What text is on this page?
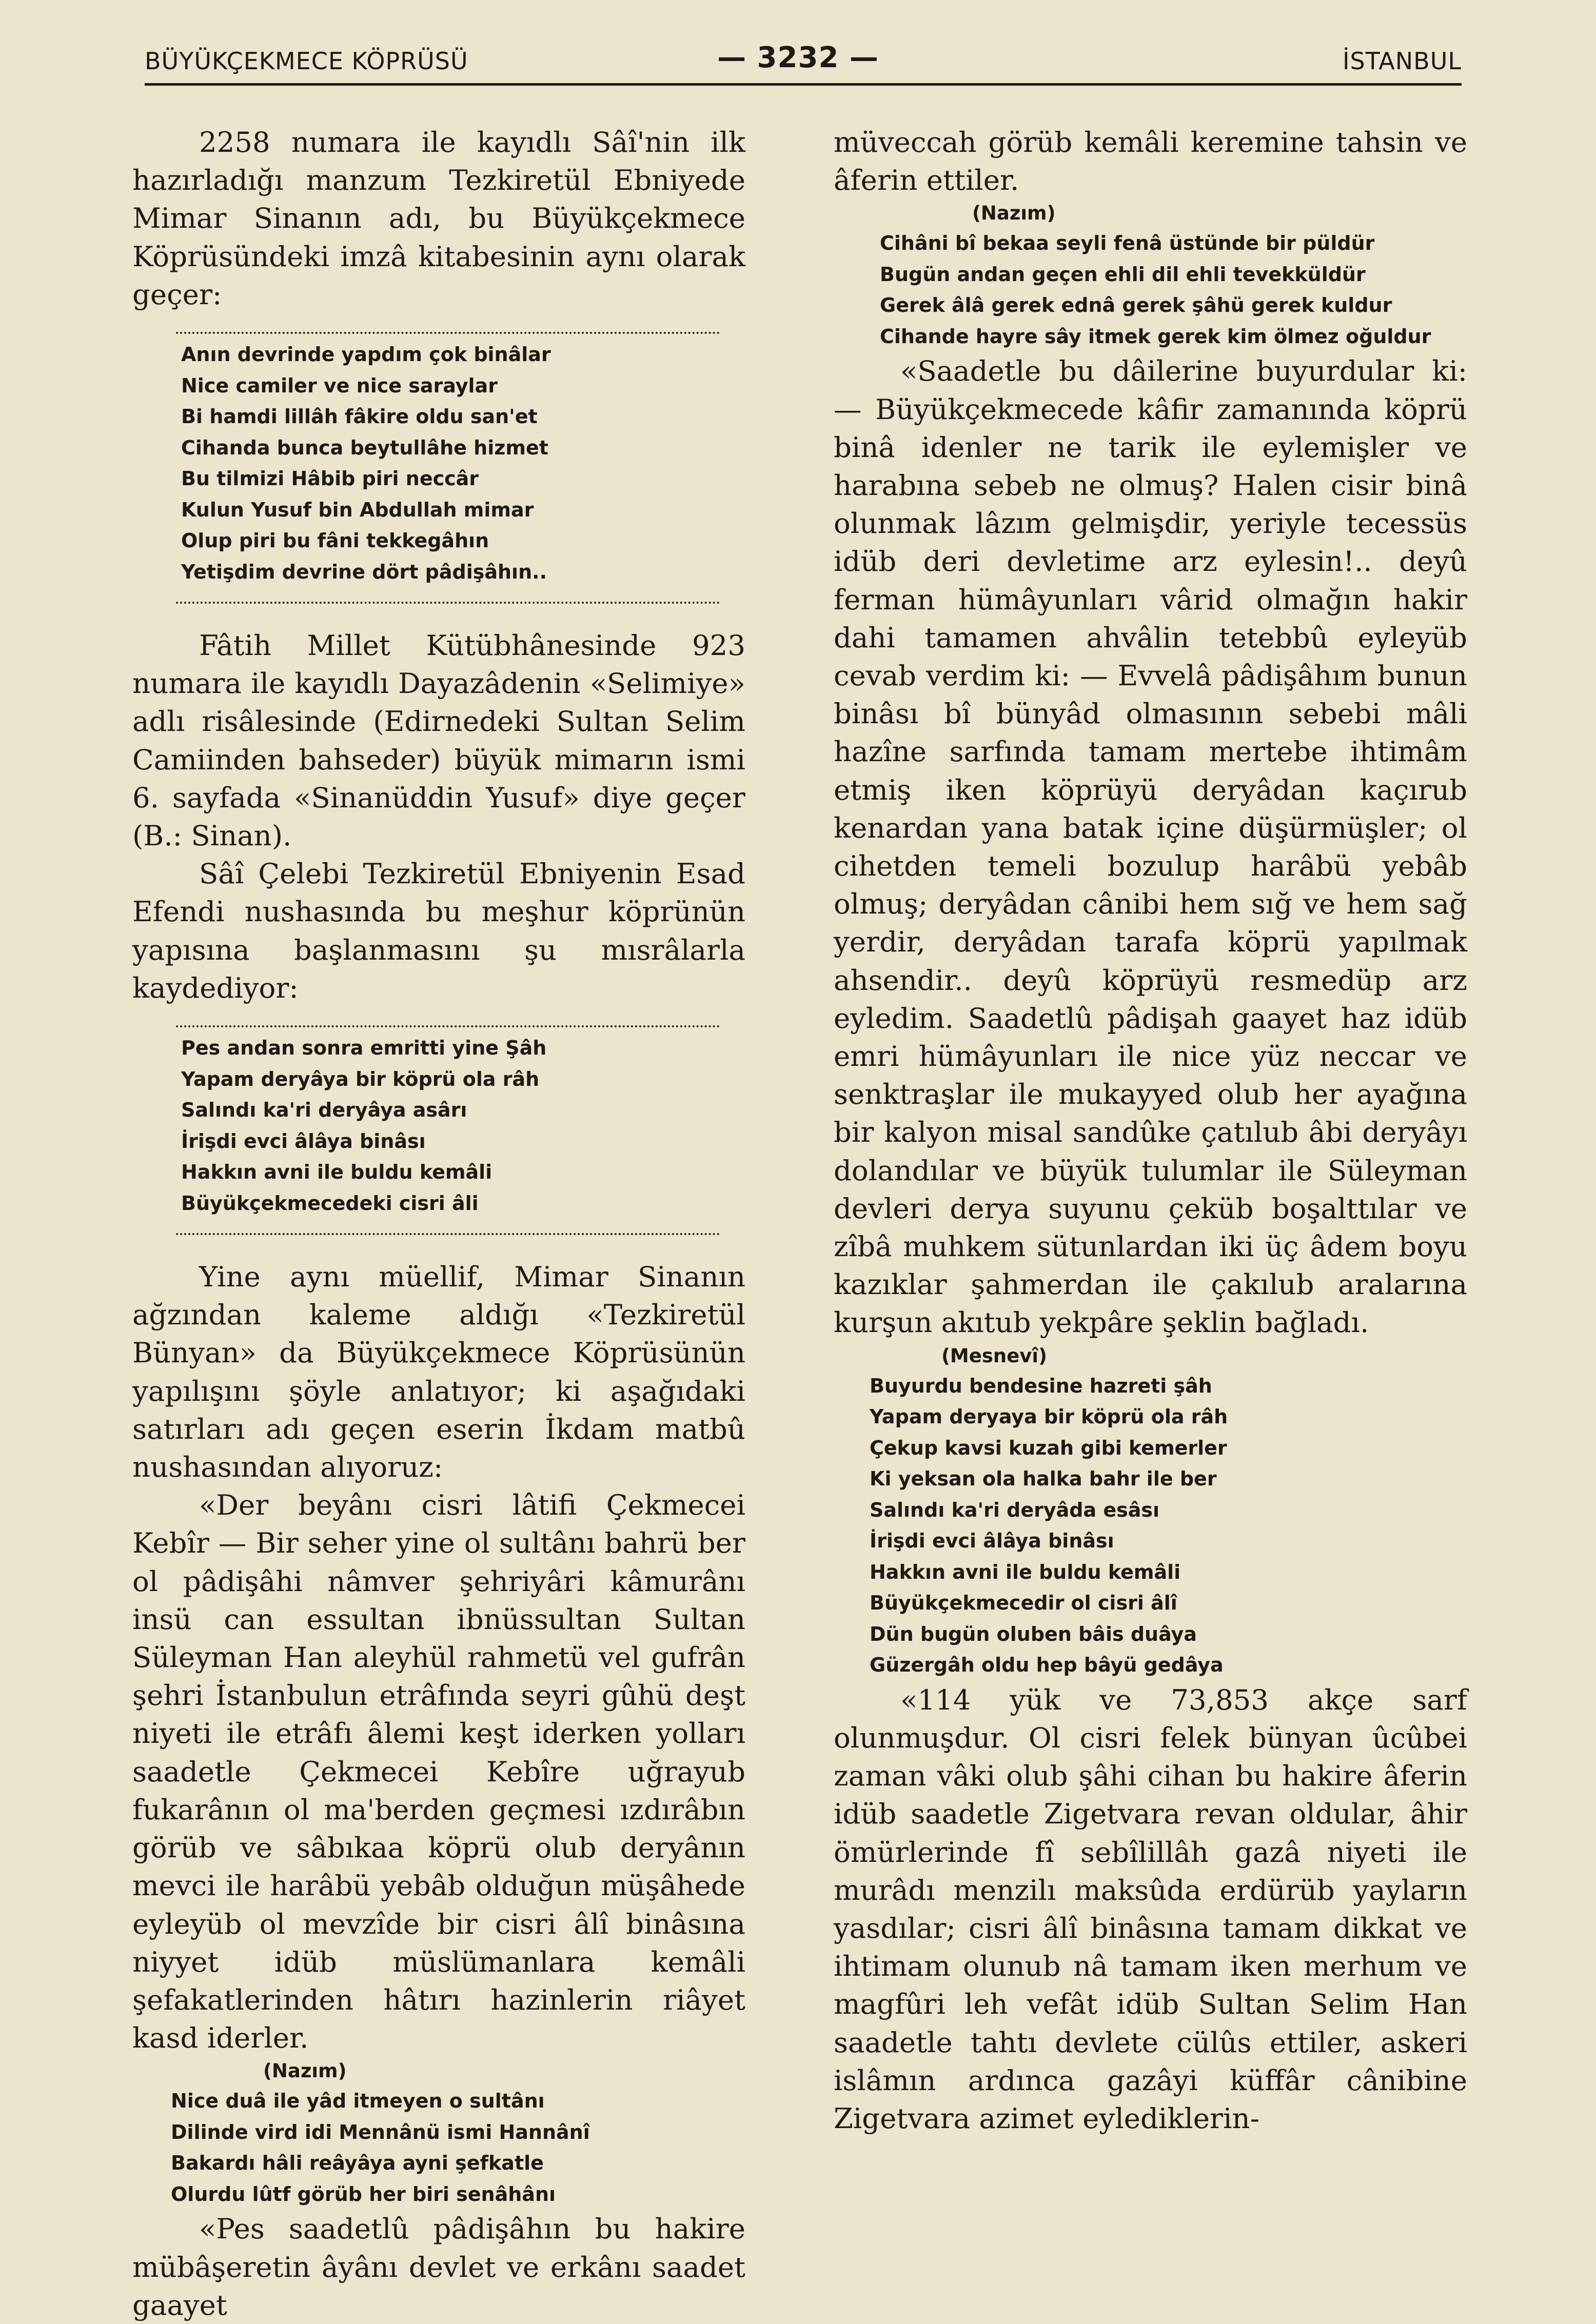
BÜYÜKÇEKMECE KÖPRÜSÜ	— 3232 —	İSTANBUL

2258 numara ile kayıdlı Sâî'nin ilk hazırladığı manzum Tezkiretül Ebniyede Mimar Sinanın adı, bu Büyükçekmece Köprüsündeki imzâ kitabesinin aynı olarak geçer:

Anın devrinde yapdım çok binâlar
Nice camiler ve nice saraylar
Bi hamdi lillâh fâkire oldu san'et
Cihanda bunca beytullâhe hizmet
Bu tilmizi Hâbib piri neccâr
Kulun Yusuf bin Abdullah mimar
Olup piri bu fâni tekkegâhın
Yetişdim devrine dört pâdişâhın..

Fâtih Millet Kütübhânesinde 923 numara ile kayıdlı Dayazâdenin «Selimiye» adlı risâlesinde (Edirnedeki Sultan Selim Camiinden bahseder) büyük mimarın ismi 6. sayfada «Sinanüddin Yusuf» diye geçer (B.: Sinan).

Sâî Çelebi Tezkiretül Ebniyenin Esad Efendi nushasında bu meşhur köprünün yapısına başlanmasını şu mısrâlarla kaydediyor:

Pes andan sonra emritti yine Şâh
Yapam deryâya bir köprü ola râh
Salındı ka'ri deryâya asârı
İrişdi evci âlâya binâsı
Hakkın avni ile buldu kemâli
Büyükçekmecedeki cisri âli

Yine aynı müellif, Mimar Sinanın ağzından kaleme aldığı «Tezkiretül Bünyan» da Büyükçekmece Köprüsünün yapılışını şöyle anlatıyor; ki aşağıdaki satırları adı geçen eserin İkdam matbû nushasından alıyoruz:

«Der beyânı cisri lâtifi Çekmecei Kebîr — Bir seher yine ol sultânı bahrü ber ol pâdişâhi nâmver şehriyâri kâmurânı insü can essultan ibnüssultan Sultan Süleyman Han aleyhül rahmetü vel gufrân şehri İstanbulun etrâfında seyri gûhü deşt niyeti ile etrâfı âlemi keşt iderken yolları saadetle Çekmecei Kebîre uğrayub fukarânın ol ma'berden geçmesi ızdırâbın görüb ve sâbıkaa köprü olub deryânın mevci ile harâbü yebâb olduğun müşâhede eyleyüb ol mevzîde bir cisri âlî binâsına niyyet idüb müslümanlara kemâli şefakatlerinden hâtırı hazinlerin riâyet kasd iderler.

(Nazım)
Nice duâ ile yâd itmeyen o sultânı
Dilinde vird idi Mennânü ismi Hannânî
Bakardı hâli reâyâya ayni şefkatle
Olurdu lûtf görüb her biri senâhânı

«Pes saadetlû pâdişâhın bu hakire mübâşeretin âyânı devlet ve erkânı saadet gaayet

müveccah görüb kemâli keremine tahsin ve âferin ettiler.

(Nazım)
Cihâni bî bekaa seyli fenâ üstünde bir püldür
Bugün andan geçen ehli dil ehli tevekküldür
Gerek âlâ gerek ednâ gerek şâhü gerek kuldur
Cihande hayre sây itmek gerek kim ölmez oğuldur

«Saadetle bu dâilerine buyurdular ki: — Büyükçekmecede kâfir zamanında köprü binâ idenler ne tarik ile eylemişler ve harabına sebeb ne olmuş? Halen cisir binâ olunmak lâzım gelmişdir, yeriyle tecessüs idüb deri devletime arz eylesin!.. deyû ferman hümâyunları vârid olmağın hakir dahi tamamen ahvâlin tetebbû eyleyüb cevab verdim ki: — Evvelâ pâdişâhım bunun binâsı bî bünyâd olmasının sebebi mâli hazîne sarfında tamam mertebe ihtimâm etmiş iken köprüyü deryâdan kaçırub kenardan yana batak içine düşürmüşler; ol cihetden temeli bozulup harâbü yebâb olmuş; deryâdan cânibi hem sığ ve hem sağ yerdir, deryâdan tarafa köprü yapılmak ahsendir.. deyû köprüyü resmedüp arz eyledim. Saadetlû pâdişah gaayet haz idüb emri hümâyunları ile nice yüz neccar ve senktraşlar ile mukayyed olub her ayağına bir kalyon misal sandûke çatılub âbi deryâyı dolandılar ve büyük tulumlar ile Süleyman devleri derya suyunu çeküb boşalttılar ve zîbâ muhkem sütunlardan iki üç âdem boyu kazıklar şahmerdan ile çakılub aralarına kurşun akıtub yekpâre şeklin bağladı.

(Mesnevî)
Buyurdu bendesine hazreti şâh
Yapam deryaya bir köprü ola râh
Çekup kavsi kuzah gibi kemerler
Ki yeksan ola halka bahr ile ber
Salındı ka'ri deryâda esâsı
İrişdi evci âlâya binâsı
Hakkın avni ile buldu kemâli
Büyükçekmecedir ol cisri âlî
Dün bugün oluben bâis duâya
Güzergâh oldu hep bâyü gedâya

«114 yük ve 73,853 akçe sarf olunmuşdur. Ol cisri felek bünyan ûcûbei zaman vâki olub şâhi cihan bu hakire âferin idüb saadetle Zigetvara revan oldular, âhir ömürlerinde fî sebîlillâh gazâ niyeti ile murâdı menzilı maksûda erdürüb yayların yasdılar; cisri âlî binâsına tamam dikkat ve ihtimam olunub nâ tamam iken merhum ve magfûri leh vefât idüb Sultan Selim Han saadetle tahtı devlete cülûs ettiler, askeri islâmın ardınca gazâyi küffâr cânibine Zigetvara azimet eylediklerin-
